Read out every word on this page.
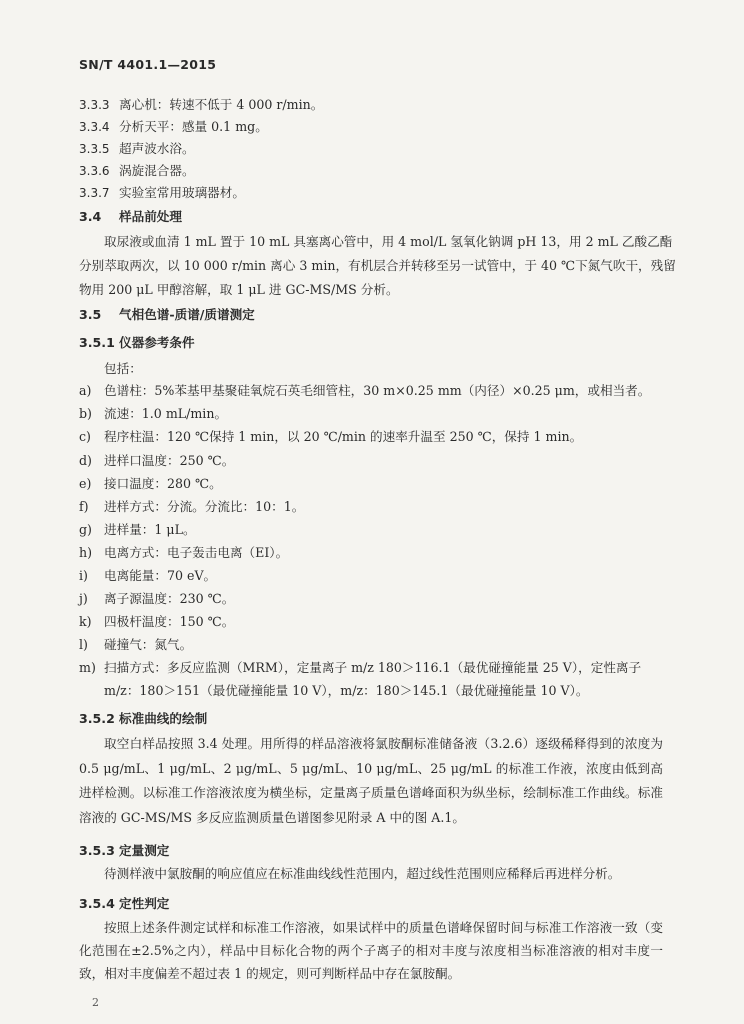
SN/T 4401.1—2015
3.3.3 离心机：转速不低于 4 000 r/min。
3.3.4 分析天平：感量 0.1 mg。
3.3.5 超声波水浴。
3.3.6 涡旋混合器。
3.3.7 实验室常用玻璃器材。
3.4 样品前处理
取尿液或血清 1 mL 置于 10 mL 具塞离心管中，用 4 mol/L 氢氧化钠调 pH 13，用 2 mL 乙酸乙酯
分别萃取两次，以 10 000 r/min 离心 3 min，有机层合并转移至另一试管中，于 40 ℃下氮气吹干，残留
物用 200 μL 甲醇溶解，取 1 μL 进 GC-MS/MS 分析。
3.5 气相色谱-质谱/质谱测定
3.5.1 仪器参考条件
包括：
a) 色谱柱：5%苯基甲基聚硅氧烷石英毛细管柱，30 m×0.25 mm（内径）×0.25 μm，或相当者。
b) 流速：1.0 mL/min。
c) 程序柱温：120 ℃保持 1 min，以 20 ℃/min 的速率升温至 250 ℃，保持 1 min。
d) 进样口温度：250 ℃。
e) 接口温度：280 ℃。
f) 进样方式：分流。分流比：10：1。
g) 进样量：1 μL。
h) 电离方式：电子轰击电离（EI）。
i) 电离能量：70 eV。
j) 离子源温度：230 ℃。
k) 四极杆温度：150 ℃。
l) 碰撞气：氮气。
m) 扫描方式：多反应监测（MRM），定量离子 m/z 180＞116.1（最优碰撞能量 25 V），定性离子
m/z：180＞151（最优碰撞能量 10 V），m/z：180＞145.1（最优碰撞能量 10 V）。
3.5.2 标准曲线的绘制
取空白样品按照 3.4 处理。用所得的样品溶液将氯胺酮标准储备液（3.2.6）逐级稀释得到的浓度为 0.5 μg/mL、1 μg/mL、2 μg/mL、5 μg/mL、10 μg/mL、25 μg/mL 的标准工作液，浓度由低到高进样检测。以标准工作溶液浓度为横坐标，定量离子质量色谱峰面积为纵坐标，绘制标准工作曲线。标准溶液的 GC-MS/MS 多反应监测质量色谱图参见附录 A 中的图 A.1。
3.5.3 定量测定
待测样液中氯胺酮的响应值应在标准曲线线性范围内，超过线性范围则应稀释后再进样分析。
3.5.4 定性判定
按照上述条件测定试样和标准工作溶液，如果试样中的质量色谱峰保留时间与标准工作溶液一致（变化范围在±2.5%之内），样品中目标化合物的两个子离子的相对丰度与浓度相当标准溶液的相对丰度一致，相对丰度偏差不超过表 1 的规定，则可判断样品中存在氯胺酮。
2
